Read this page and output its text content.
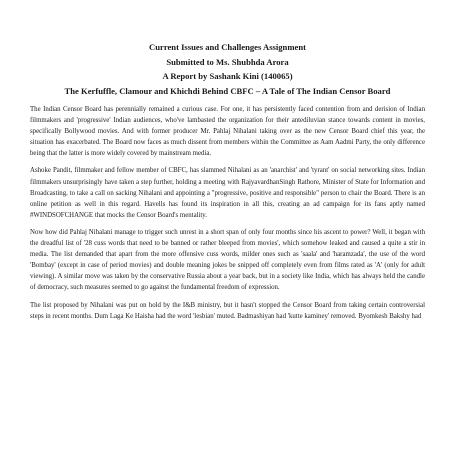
Current Issues and Challenges Assignment

Submitted to Ms. Shubhda Arora

A Report by Sashank Kini (140065)

The Kerfuffle, Clamour and Khichdi Behind CBFC – A Tale of The Indian Censor Board

The Indian Censor Board has perennially remained a curious case. For one, it has persistently faced contention from and derision of Indian filmmakers and 'progressive' Indian audiences, who've lambasted the organization for their antediluvian stance towards content in movies, specifically Bollywood movies. And with former producer Mr. Pahlaj Nihalani taking over as the new Censor Board chief this year, the situation has exacerbated. The Board now faces as much dissent from members within the Committee as Aam Aadmi Party, the only difference being that the latter is more widely covered by mainstream media.

Ashoke Pandit, filmmaker and fellow member of CBFC, has slammed Nihalani as an 'anarchist' and 'tyrant' on social networking sites. Indian filmmakers unsurprisingly have taken a step further, holding a meeting with RajyavardhanSingh Rathore, Minister of State for Information and Broadcasting, to take a call on sacking Nihalani and appointing a "progressive, positive and responsible" person to chair the Board. There is an online petition as well in this regard. Havells has found its inspiration in all this, creating an ad campaign for its fans aptly named #WINDSOFCHANGE that mocks the Censor Board's mentality.

Now how did Pahlaj Nihalani manage to trigger such unrest in a short span of only four months since his ascent to power? Well, it began with the dreadful list of '28 cuss words that need to be banned or rather bleeped from movies', which somehow leaked and caused a quite a stir in media. The list demanded that apart from the more offensive cuss words, milder ones such as 'saala' and 'haramzada', the use of the word 'Bombay' (except in case of period movies) and double meaning jokes be snipped off completely even from films rated as 'A' (only for adult viewing). A similar move was taken by the conservative Russia about a year back, but in a society like India, which has always held the candle of democracy, such measures seemed to go against the fundamental freedom of expression.

The list proposed by Nihalani was put on hold by the I&B ministry, but it hasn't stopped the Censor Board from taking certain controversial steps in recent months. Dum Laga Ke Haisha had the word 'lesbian' muted. Badmashiyan had 'kutte kaminey' removed. Byomkesh Bakshy had
